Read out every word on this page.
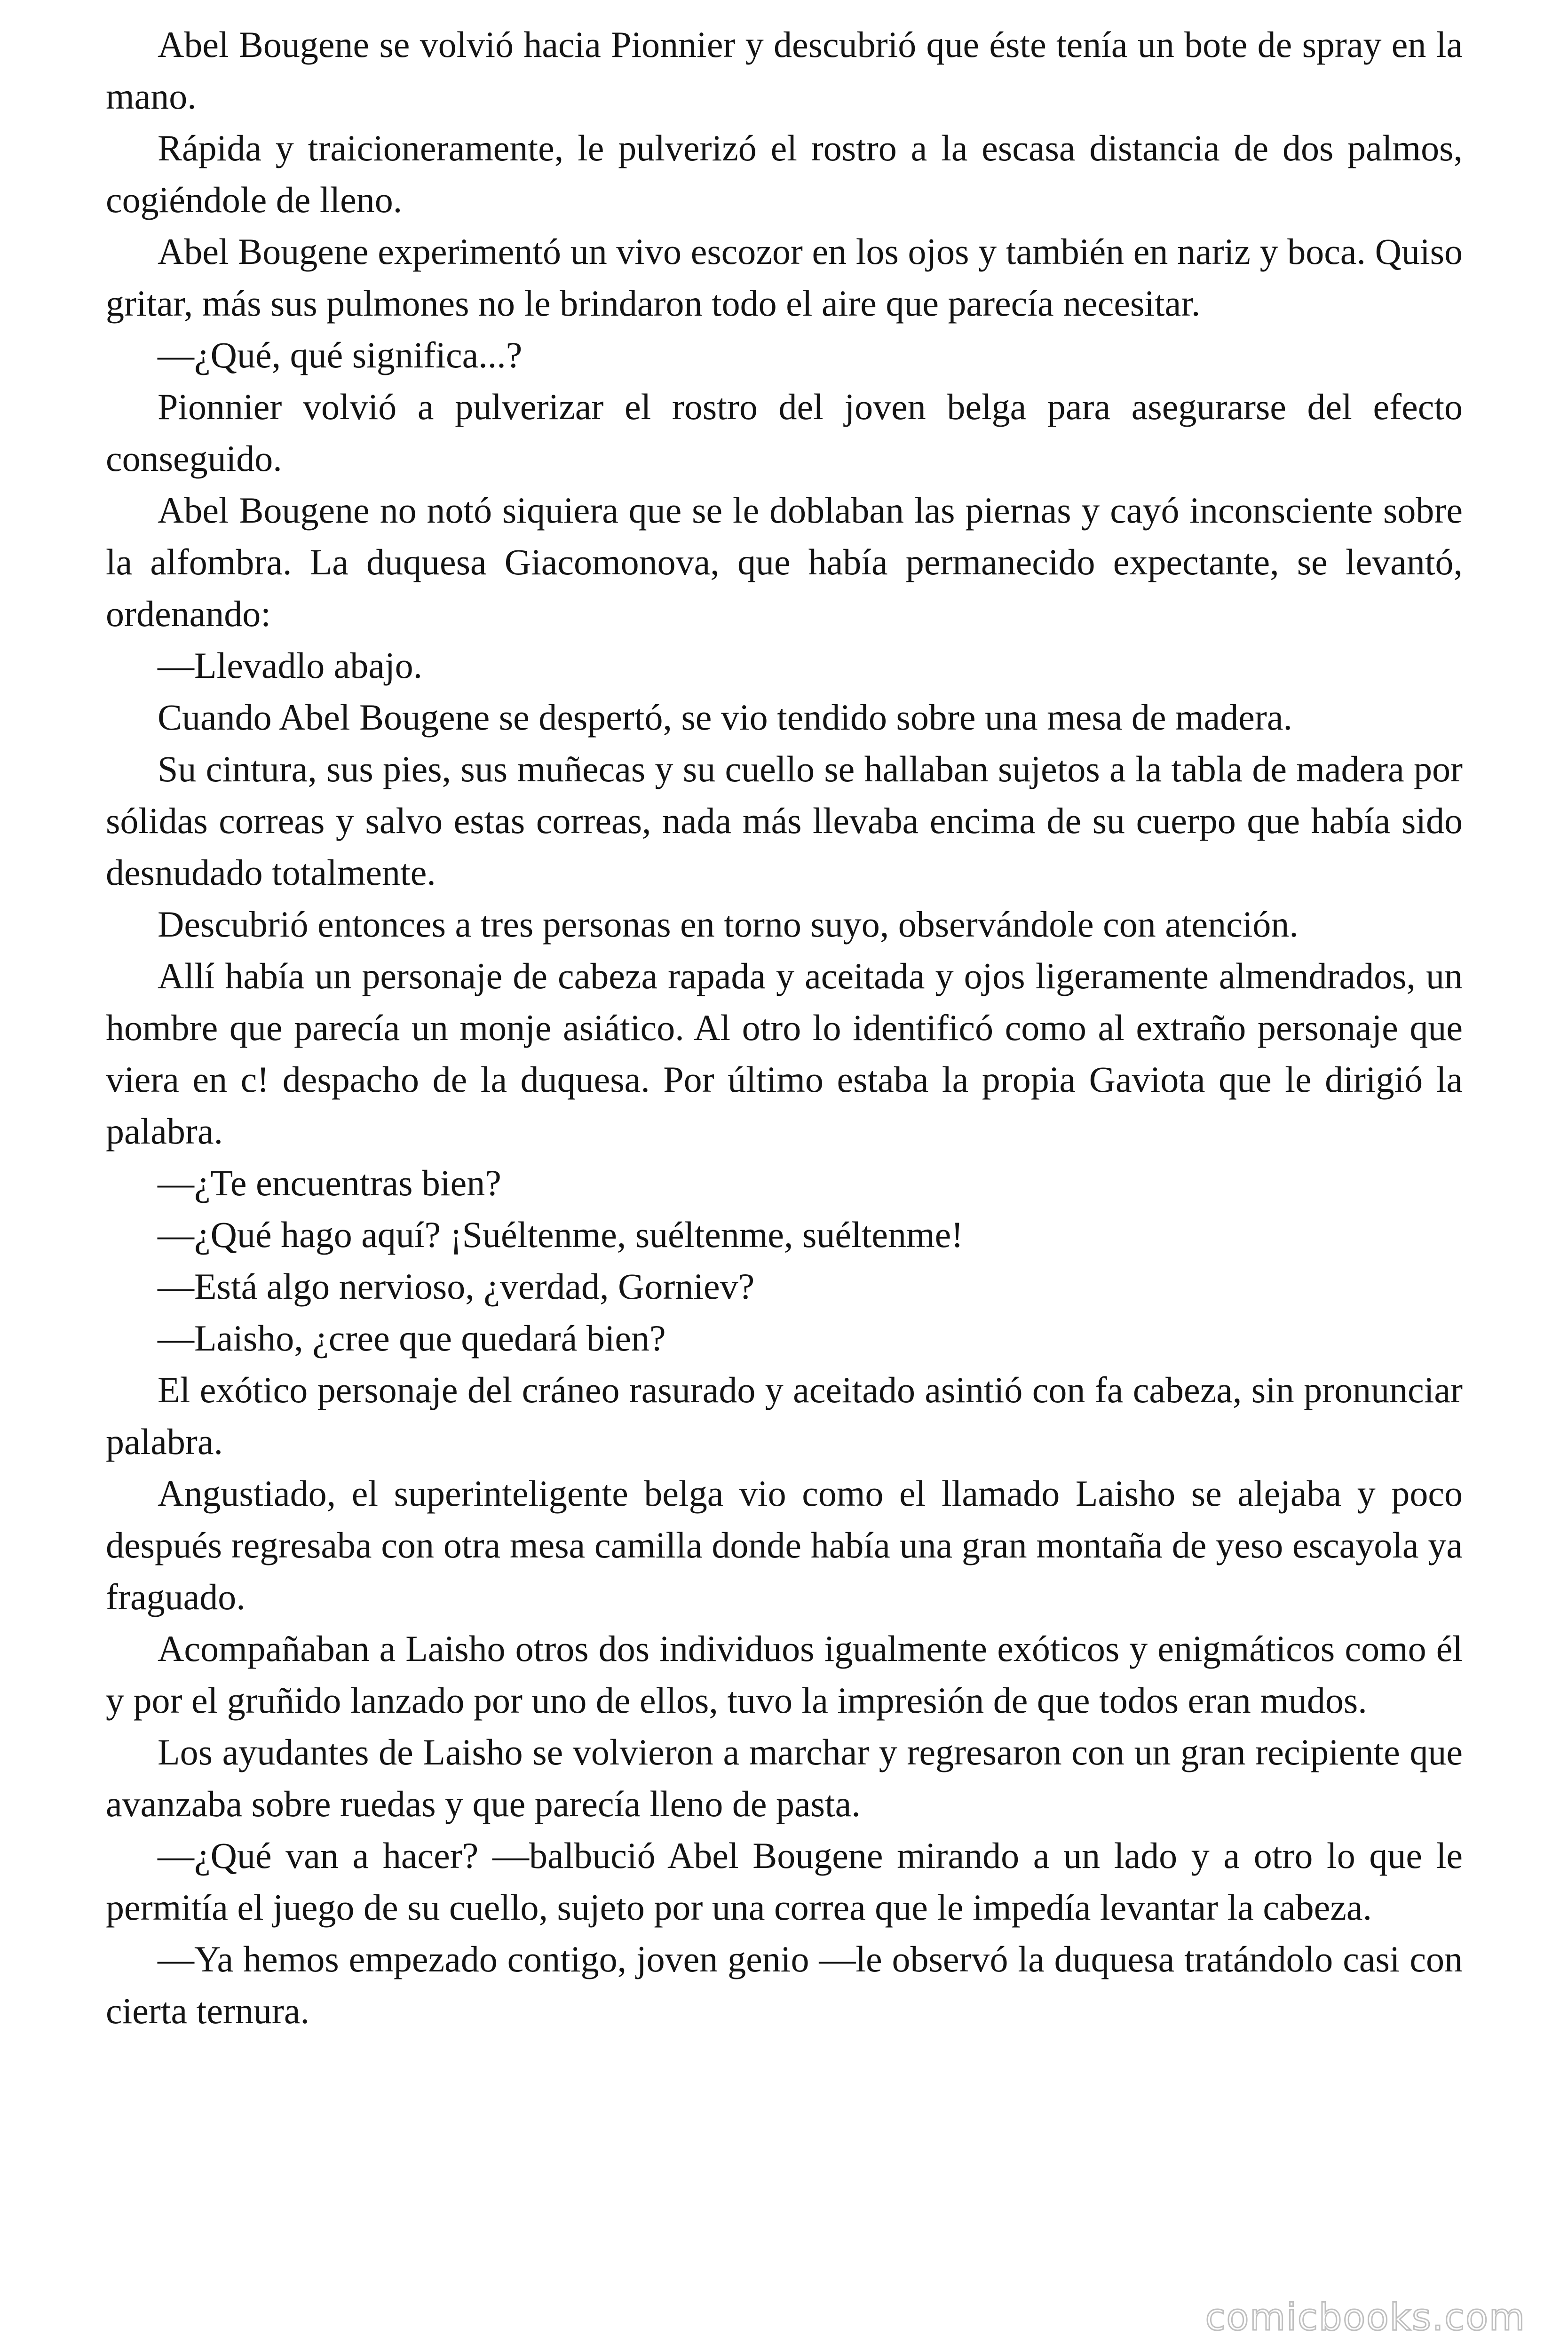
Abel Bougene se volvió hacia Pionnier y descubrió que éste tenía un bote de spray en la mano.

Rápida y traicioneramente, le pulverizó el rostro a la escasa distancia de dos palmos, cogiéndole de lleno.

Abel Bougene experimentó un vivo escozor en los ojos y también en nariz y boca. Quiso gritar, más sus pulmones no le brindaron todo el aire que parecía necesitar.

—¿Qué, qué significa...?

Pionnier volvió a pulverizar el rostro del joven belga para asegurarse del efecto conseguido.

Abel Bougene no notó siquiera que se le doblaban las piernas y cayó inconsciente sobre la alfombra. La duquesa Giacomonova, que había permanecido expectante, se levantó, ordenando:

—Llevadlo abajo.

Cuando Abel Bougene se despertó, se vio tendido sobre una mesa de madera.

Su cintura, sus pies, sus muñecas y su cuello se hallaban sujetos a la tabla de madera por sólidas correas y salvo estas correas, nada más llevaba encima de su cuerpo que había sido desnudado totalmente.

Descubrió entonces a tres personas en torno suyo, observándole con atención.

Allí había un personaje de cabeza rapada y aceitada y ojos ligeramente almendrados, un hombre que parecía un monje asiático. Al otro lo identificó como al extraño personaje que viera en c! despacho de la duquesa. Por último estaba la propia Gaviota que le dirigió la palabra.

—¿Te encuentras bien?

—¿Qué hago aquí? ¡Suéltenme, suéltenme, suéltenme!

—Está algo nervioso, ¿verdad, Gorniev?

—Laisho, ¿cree que quedará bien?

El exótico personaje del cráneo rasurado y aceitado asintió con fa cabeza, sin pronunciar palabra.

Angustiado, el superinteligente belga vio como el llamado Laisho se alejaba y poco después regresaba con otra mesa camilla donde había una gran montaña de yeso escayola ya fraguado.

Acompañaban a Laisho otros dos individuos igualmente exóticos y enigmáticos como él y por el gruñido lanzado por uno de ellos, tuvo la impresión de que todos eran mudos.

Los ayudantes de Laisho se volvieron a marchar y regresaron con un gran recipiente que avanzaba sobre ruedas y que parecía lleno de pasta.

—¿Qué van a hacer? —balbució Abel Bougene mirando a un lado y a otro lo que le permitía el juego de su cuello, sujeto por una correa que le impedía levantar la cabeza.

—Ya hemos empezado contigo, joven genio —le observó la duquesa tratándolo casi con cierta ternura.

comicbooks.com
